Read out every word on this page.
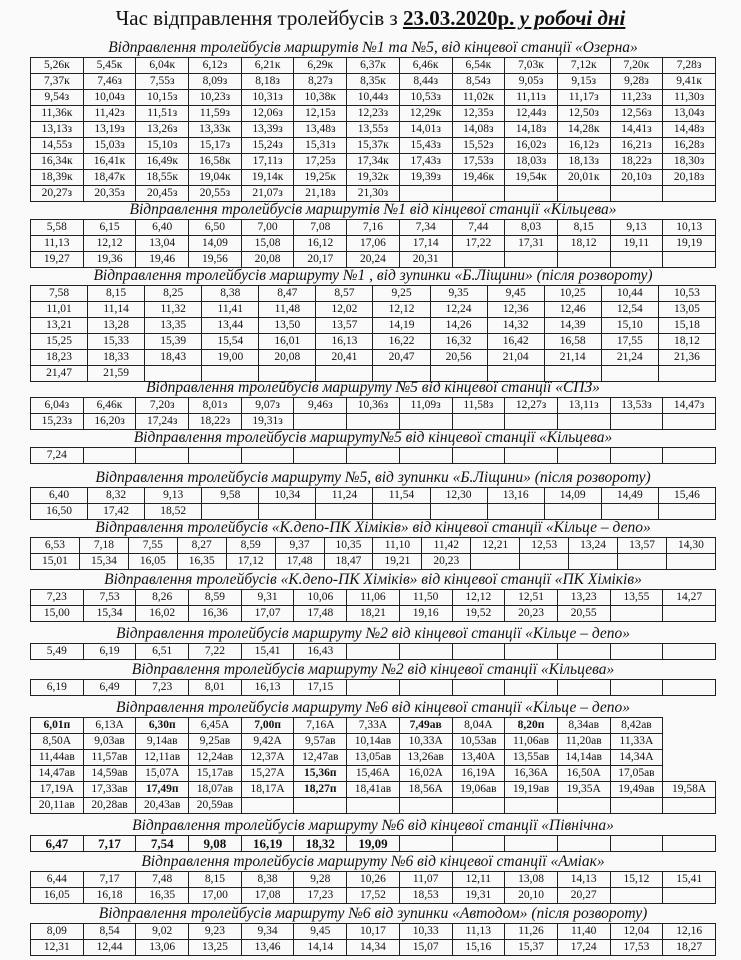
Час відправлення тролейбусів з 23.03.2020р. у робочі дні
Відправлення тролейбусів маршрутів №1 та №5, від кінцевої станції «Озерна»
5,26к	5,45к	6,04к	6,12з	6,21к	6,29к	6,37к	6,46к	6,54к	7,03к	7,12к	7,20к	7,28з
7,37к	7,46з	7,55з	8,09з	8,18з	8,27з	8,35к	8,44з	8,54з	9,05з	9,15з	9,28з	9,41к
9,54з	10,04з	10,15з	10,23з	10,31з	10,38к	10,44з	10,53з	11,02к	11,11з	11,17з	11,23з	11,30з
11,36к	11,42з	11,51з	11,59з	12,06з	12,15з	12,23з	12,29к	12,35з	12,44з	12,50з	12,56з	13,04з
13,13з	13,19з	13,26з	13,33к	13,39з	13,48з	13,55з	14,01з	14,08з	14,18з	14,28к	14,41з	14,48з
14,55з	15,03з	15,10з	15,17з	15,24з	15,31з	15,37к	15,43з	15,52з	16,02з	16,12з	16,21з	16,28з
16,34к	16,41к	16,49к	16,58к	17,11з	17,25з	17,34к	17,43з	17,53з	18,03з	18,13з	18,22з	18,30з
18,39к	18,47к	18,55к	19,04к	19,14к	19,25к	19,32к	19,39з	19,46к	19,54к	20,01к	20,10з	20,18з
20,27з	20,35з	20,45з	20,55з	21,07з	21,18з	21,30з						
Відправлення тролейбусів маршрутів №1 від кінцевої станції «Кільцева»
5,58	6,15	6,40	6,50	7,00	7,08	7,16	7,34	7,44	8,03	8,15	9,13	10,13
11,13	12,12	13,04	14,09	15,08	16,12	17,06	17,14	17,22	17,31	18,12	19,11	19,19
19,27	19,36	19,46	19,56	20,08	20,17	20,24	20,31					
Відправлення тролейбусів маршруту №1 , від зупинки «Б.Ліщини» (після розвороту)
7,58	8,15	8,25	8,38	8,47	8,57	9,25	9,35	9,45	10,25	10,44	10,53
11,01	11,14	11,32	11,41	11,48	12,02	12,12	12,24	12,36	12,46	12,54	13,05
13,21	13,28	13,35	13,44	13,50	13,57	14,19	14,26	14,32	14,39	15,10	15,18
15,25	15,33	15,39	15,54	16,01	16,13	16,22	16,32	16,42	16,58	17,55	18,12
18,23	18,33	18,43	19,00	20,08	20,41	20,47	20,56	21,04	21,14	21,24	21,36
21,47	21,59										
Відправлення тролейбусів маршруту №5 від кінцевої станції «СПЗ»
6,04з	6,46к	7,20з	8,01з	9,07з	9,46з	10,36з	11,09з	11,58з	12,27з	13,11з	13,53з	14,47з
15,23з	16,20з	17,24з	18,22з	19,31з								
Відправлення тролейбусів маршруту№5 від кінцевої станції «Кільцева»
7,24												
Відправлення тролейбусів маршруту №5, від зупинки «Б.Ліщини» (після розвороту)
6,40	8,32	9,13	9,58	10,34	11,24	11,54	12,30	13,16	14,09	14,49	15,46
16,50	17,42	18,52									
Відправлення тролейбусів «К.депо-ПК Хімікiв» від кінцевої станції «Кільце – депо»
6,53	7,18	7,55	8,27	8,59	9,37	10,35	11,10	11,42	12,21	12,53	13,24	13,57	14,30
15,01	15,34	16,05	16,35	17,12	17,48	18,47	19,21	20,23					
Відправлення тролейбусів «К.депо-ПК Хімікiв» від кінцевої станції «ПК Хімікiв»
7,23	7,53	8,26	8,59	9,31	10,06	11,06	11,50	12,12	12,51	13,23	13,55	14,27
15,00	15,34	16,02	16,36	17,07	17,48	18,21	19,16	19,52	20,23	20,55		
Відправлення тролейбусів маршруту №2 від кінцевої станції «Кільце – депо»
5,49	6,19	6,51	7,22	15,41	16,43							
Відправлення тролейбусів маршруту №2 від кінцевої станції «Кільцева»
6,19	6,49	7,23	8,01	16,13	17,15							
Відправлення тролейбусів маршруту №6 від кінцевої станції «Кільце – депо»
6,01п	6,13А	6,30п	6,45А	7,00п	7,16А	7,33А	7,49ав	8,04А	8,20п	8,34ав	8,42ав	
8,50А	9,03ав	9,14ав	9,25ав	9,42А	9,57ав	10,14ав	10,33А	10,53ав	11,06ав	11,20ав	11,33А	
11,44ав	11,57ав	12,11ав	12,24ав	12,37А	12,47ав	13,05ав	13,26ав	13,40А	13,55ав	14,14ав	14,34А	
14,47ав	14,59ав	15,07А	15,17ав	15,27А	15,36п	15,46А	16,02А	16,19А	16,36А	16,50А	17,05ав	
17,19А	17,33ав	17,49п	18,07ав	18,17А	18,27п	18,41ав	18,56А	19,06ав	19,19ав	19,35А	19,49ав	19,58А
20,11ав	20,28ав	20,43ав	20,59ав									
Відправлення тролейбусів маршруту №6 від кінцевої станції «Північна»
6,47	7,17	7,54	9,08	16,19	18,32	19,09						
Відправлення тролейбусів маршруту №6 від кінцевої станції «Аміак»
6,44	7,17	7,48	8,15	8,38	9,28	10,26	11,07	12,11	13,08	14,13	15,12	15,41
16,05	16,18	16,35	17,00	17,08	17,23	17,52	18,53	19,31	20,10	20,27		
Відправлення тролейбусів маршруту №6 від зупинки «Автодом» (після розвороту)
8,09	8,54	9,02	9,23	9,34	9,45	10,17	10,33	11,13	11,26	11,40	12,04	12,16
12,31	12,44	13,06	13,25	13,46	14,14	14,34	15,07	15,16	15,37	17,24	17,53	18,27
